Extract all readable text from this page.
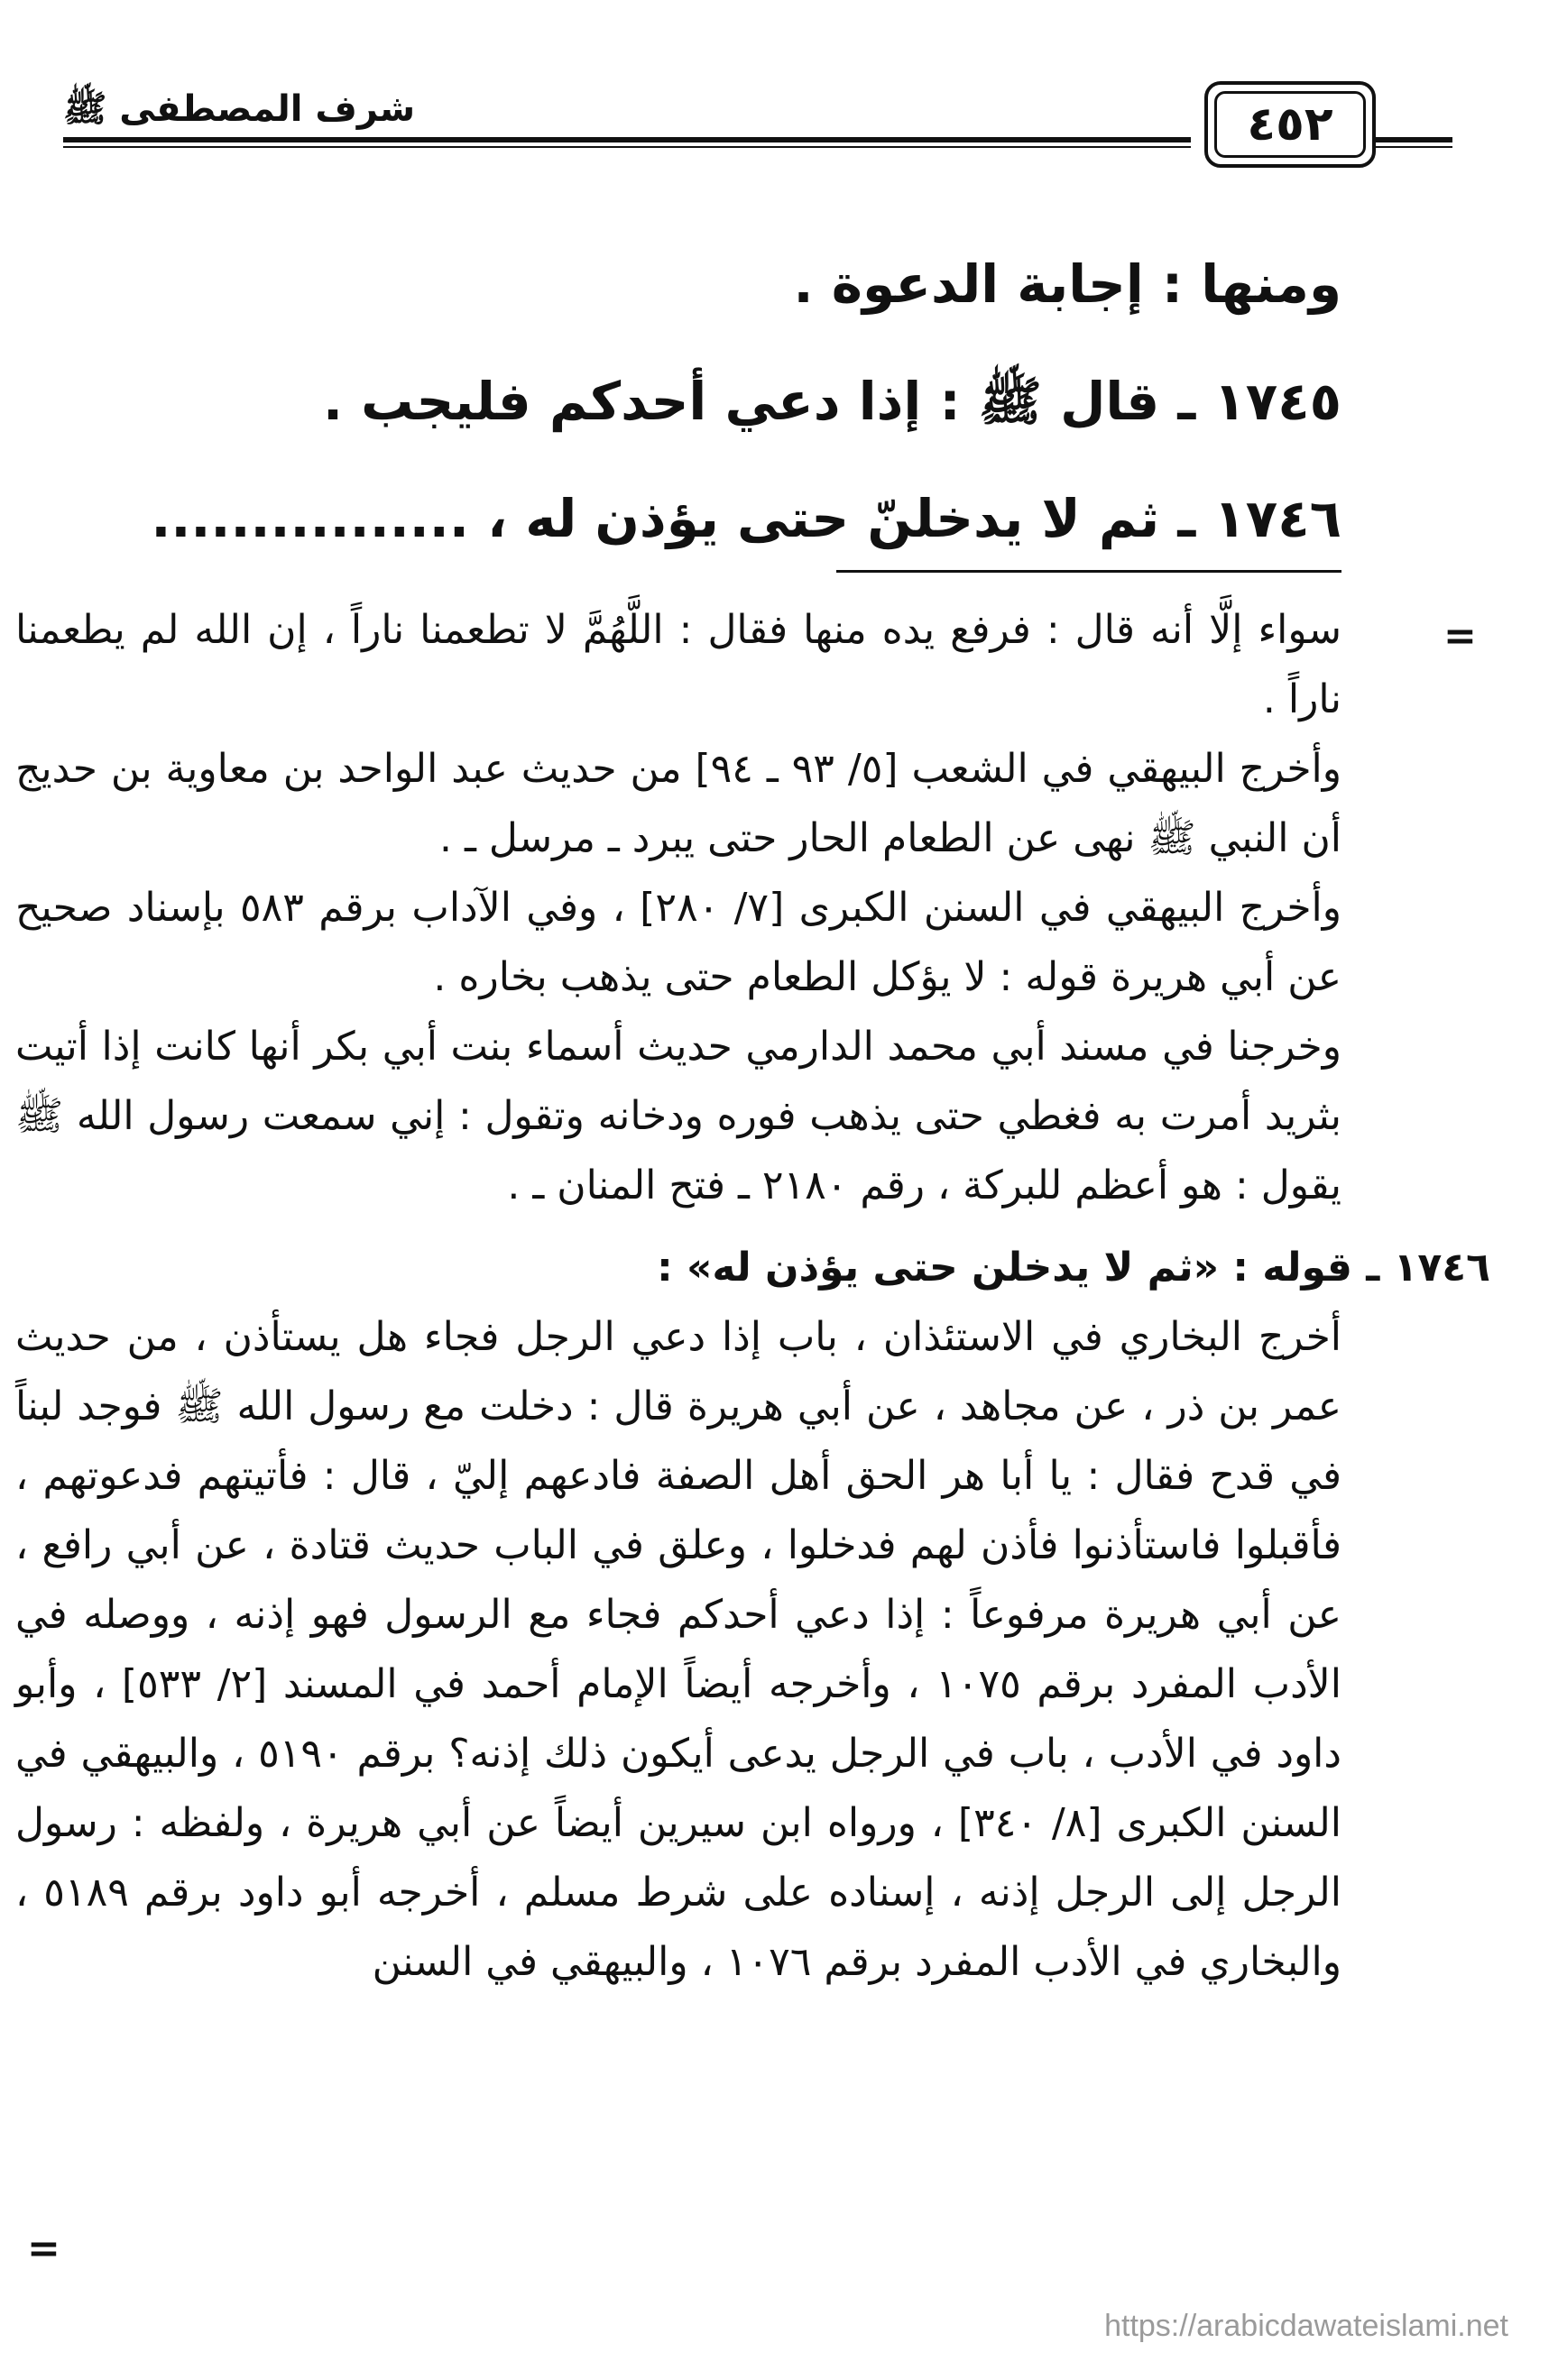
شرف المصطفى ﷺ	٤٥٢
ومنها : إجابة الدعوة .
١٧٤٥ ـ قال ﷺ : إذا دعي أحدكم فليجب .
١٧٤٦ ـ ثم لا يدخلنّ حتى يؤذن له ، ................
=

سواء إلَّا أنه قال : فرفع يده منها فقال : اللَّهُمَّ لا تطعمنا ناراً ، إن الله لم يطعمنا ناراً .

وأخرج البيهقي في الشعب [٥/ ٩٣ ـ ٩٤] من حديث عبد الواحد بن معاوية بن حديج أن النبي ﷺ نهى عن الطعام الحار حتى يبرد ـ مرسل ـ .

وأخرج البيهقي في السنن الكبرى [٧/ ٢٨٠] ، وفي الآداب برقم ٥٨٣ بإسناد صحيح عن أبي هريرة قوله : لا يؤكل الطعام حتى يذهب بخاره .

وخرجنا في مسند أبي محمد الدارمي حديث أسماء بنت أبي بكر أنها كانت إذا أتيت بثريد أمرت به فغطي حتى يذهب فوره ودخانه وتقول : إني سمعت رسول الله ﷺ يقول : هو أعظم للبركة ، رقم ٢١٨٠ ـ فتح المنان ـ .

١٧٤٦ ـ قوله : «ثم لا يدخلن حتى يؤذن له» :

أخرج البخاري في الاستئذان ، باب إذا دعي الرجل فجاء هل يستأذن ، من حديث عمر بن ذر ، عن مجاهد ، عن أبي هريرة قال : دخلت مع رسول الله ﷺ فوجد لبناً في قدح فقال : يا أبا هر الحق أهل الصفة فادعهم إليّ ، قال : فأتيتهم فدعوتهم ، فأقبلوا فاستأذنوا فأذن لهم فدخلوا ، وعلق في الباب حديث قتادة ، عن أبي رافع ، عن أبي هريرة مرفوعاً : إذا دعي أحدكم فجاء مع الرسول فهو إذنه ، ووصله في الأدب المفرد برقم ١٠٧٥ ، وأخرجه أيضاً الإمام أحمد في المسند [٢/ ٥٣٣] ، وأبو داود في الأدب ، باب في الرجل يدعى أيكون ذلك إذنه؟ برقم ٥١٩٠ ، والبيهقي في السنن الكبرى [٨/ ٣٤٠] ، ورواه ابن سيرين أيضاً عن أبي هريرة ، ولفظه : رسول الرجل إلى الرجل إذنه ، إسناده على شرط مسلم ، أخرجه أبو داود برقم ٥١٨٩ ، والبخاري في الأدب المفرد برقم ١٠٧٦ ، والبيهقي في السنن

=
https://arabicdawateislami.net
